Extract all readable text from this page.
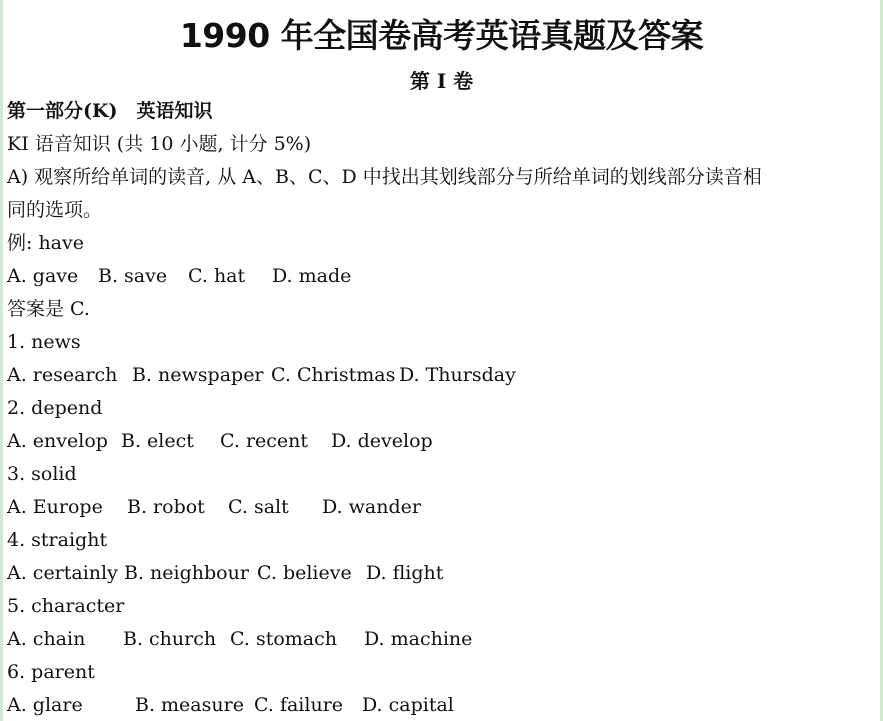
1990 年全国卷高考英语真题及答案
第 I 卷
第一部分(K)　英语知识
KI 语音知识 (共 10 小题, 计分 5%)
A) 观察所给单词的读音, 从 A、B、C、D 中找出其划线部分与所给单词的划线部分读音相
同的选项。
例: have
A. gave B. save C. hat D. made
答案是 C.
1. news
A. research B. newspaper C. Christmas D. Thursday
2. depend
A. envelop B. elect C. recent D. develop
3. solid
A. Europe B. robot C. salt D. wander
4. straight
A. certainly B. neighbour C. believe D. flight
5. character
A. chain B. church C. stomach D. machine
6. parent
A. glare	B. measure C. failure D. capital
